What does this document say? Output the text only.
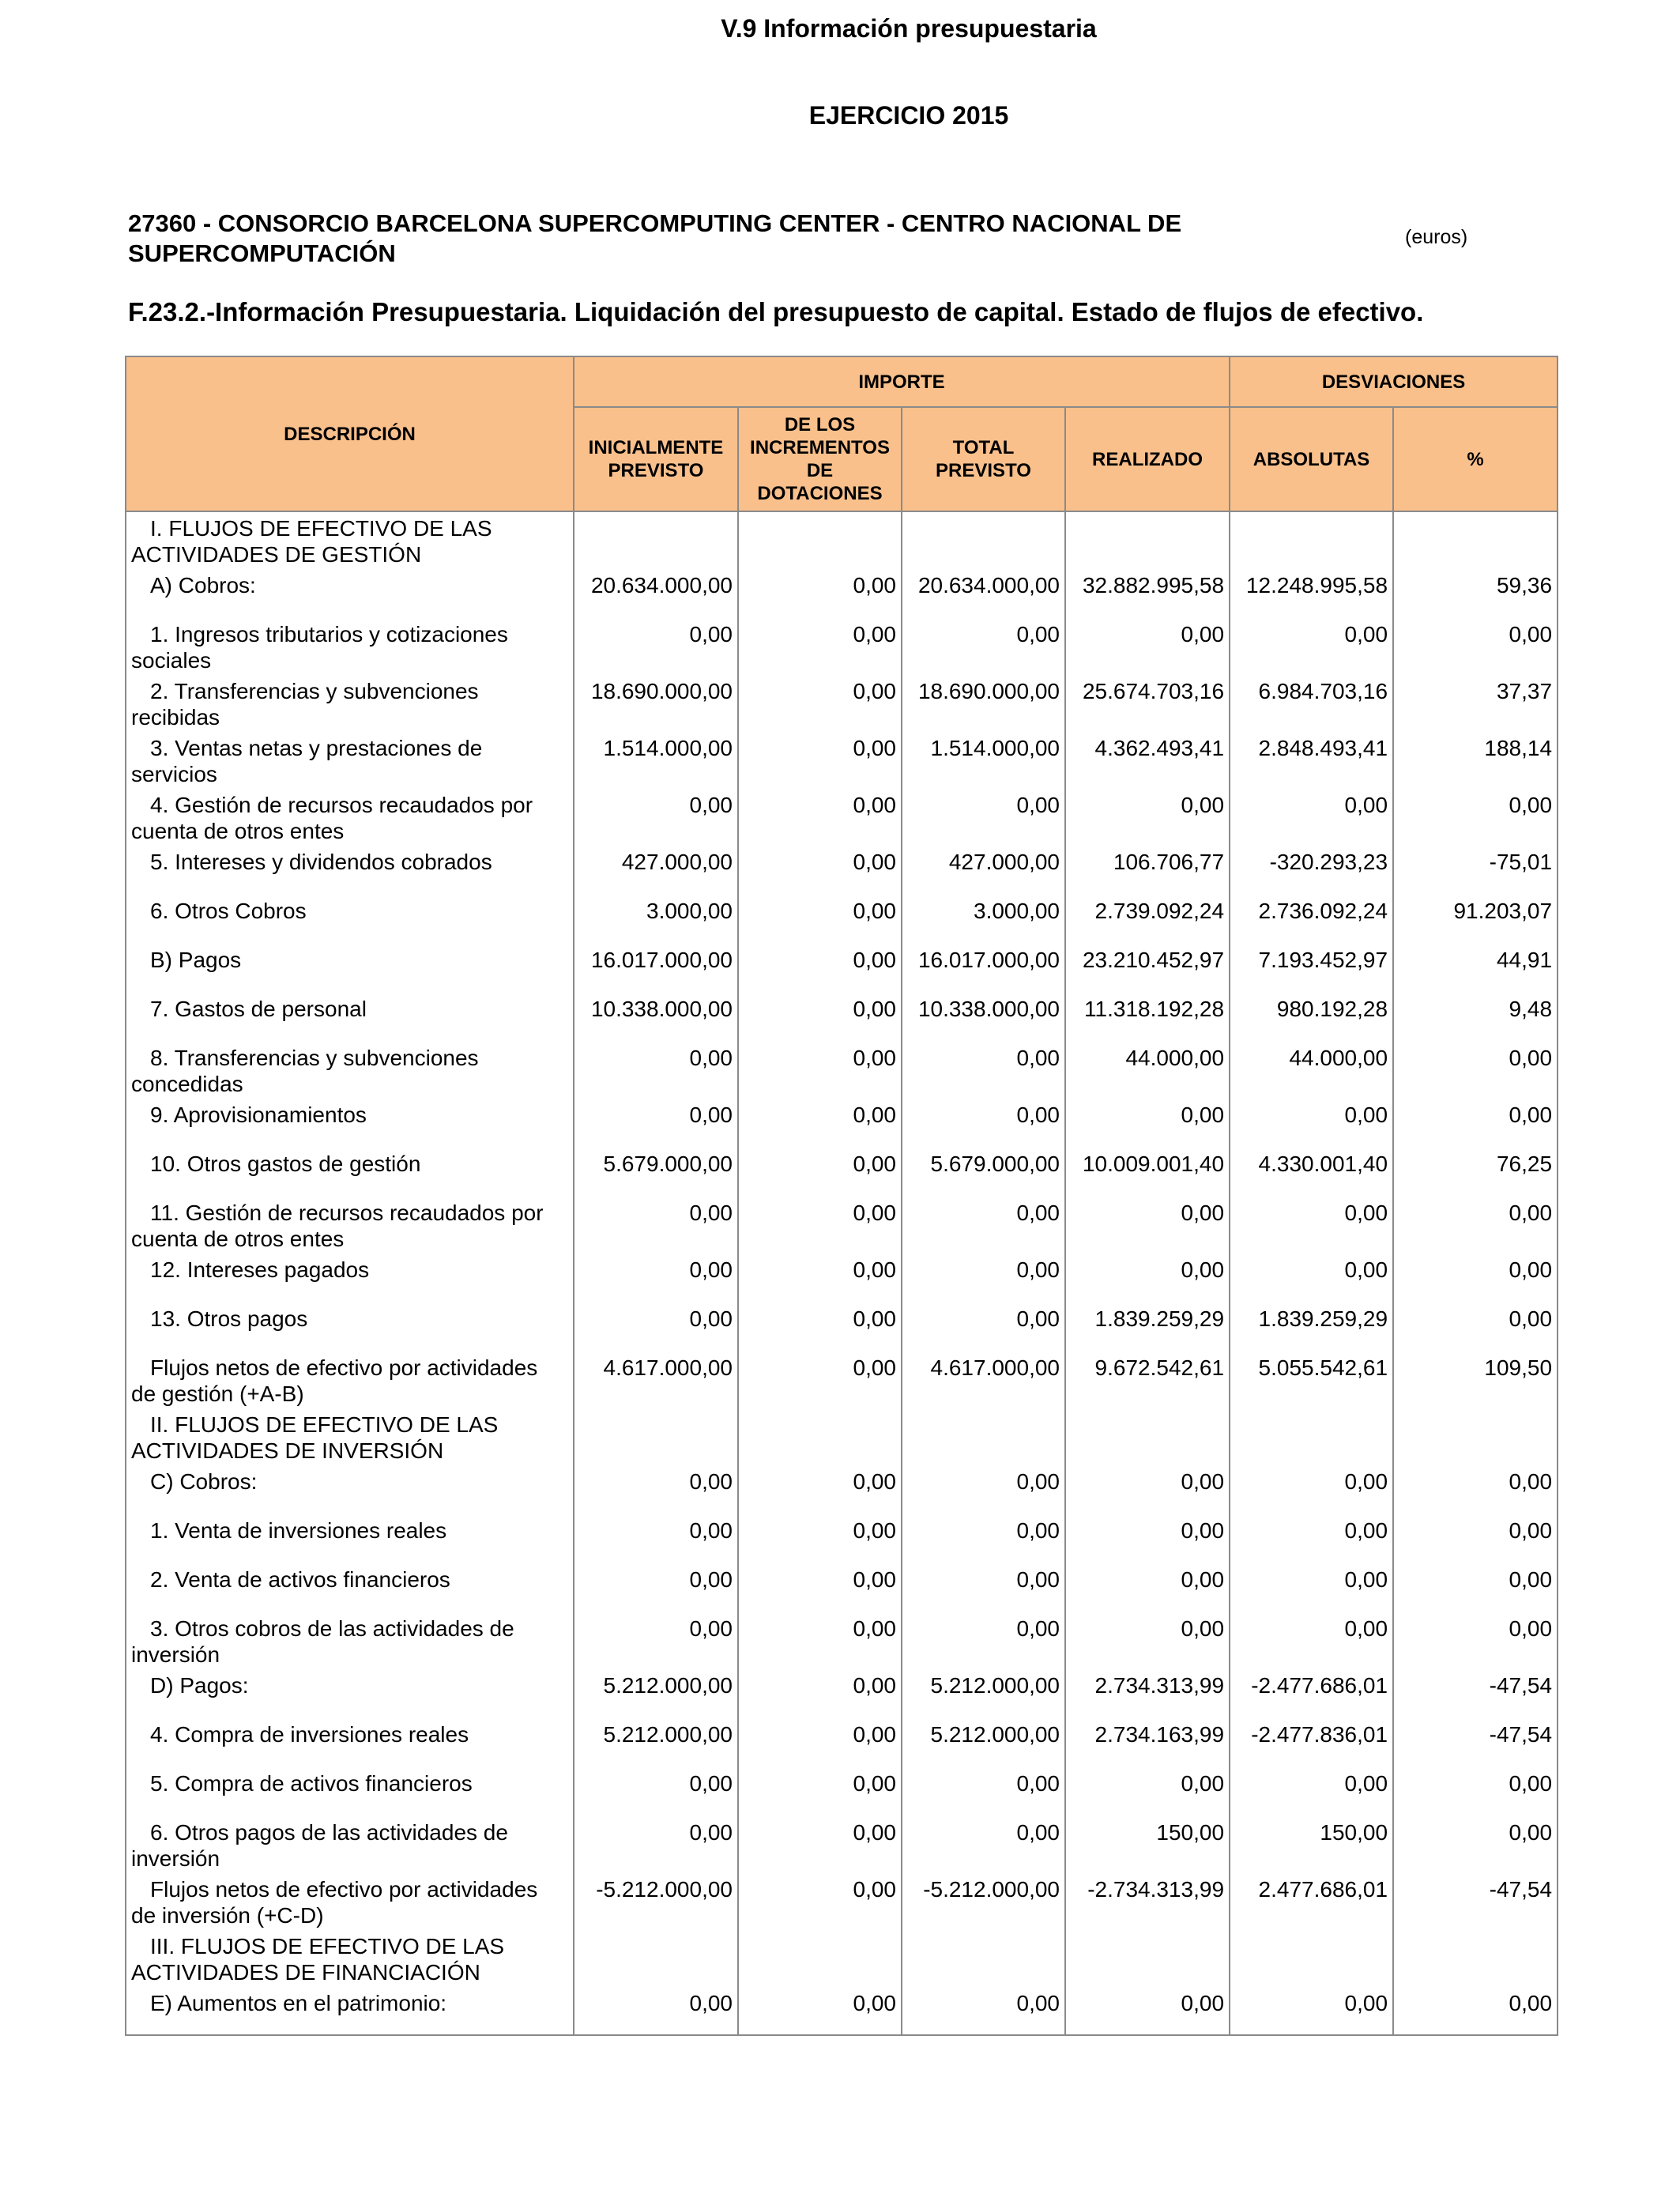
V.9 Información presupuestaria
EJERCICIO 2015
27360 - CONSORCIO BARCELONA SUPERCOMPUTING CENTER - CENTRO NACIONAL DE SUPERCOMPUTACIÓN
(euros)
F.23.2.-Información Presupuestaria. Liquidación del presupuesto de capital. Estado de flujos de efectivo.
DESCRIPCIÓN	IMPORTE				DESVIACIONES	
	INICIALMENTE PREVISTO	DE LOS INCREMENTOS DE DOTACIONES	TOTAL PREVISTO	REALIZADO	ABSOLUTAS	%
I. FLUJOS DE EFECTIVO DE LAS ACTIVIDADES DE GESTIÓN						
A) Cobros:	20.634.000,00	0,00	20.634.000,00	32.882.995,58	12.248.995,58	59,36
1. Ingresos tributarios y cotizaciones sociales	0,00	0,00	0,00	0,00	0,00	0,00
2. Transferencias y subvenciones recibidas	18.690.000,00	0,00	18.690.000,00	25.674.703,16	6.984.703,16	37,37
3. Ventas netas y prestaciones de servicios	1.514.000,00	0,00	1.514.000,00	4.362.493,41	2.848.493,41	188,14
4. Gestión de recursos recaudados por cuenta de otros entes	0,00	0,00	0,00	0,00	0,00	0,00
5. Intereses y dividendos cobrados	427.000,00	0,00	427.000,00	106.706,77	-320.293,23	-75,01
6. Otros Cobros	3.000,00	0,00	3.000,00	2.739.092,24	2.736.092,24	91.203,07
B) Pagos	16.017.000,00	0,00	16.017.000,00	23.210.452,97	7.193.452,97	44,91
7. Gastos de personal	10.338.000,00	0,00	10.338.000,00	11.318.192,28	980.192,28	9,48
8. Transferencias y subvenciones concedidas	0,00	0,00	0,00	44.000,00	44.000,00	0,00
9. Aprovisionamientos	0,00	0,00	0,00	0,00	0,00	0,00
10. Otros gastos de gestión	5.679.000,00	0,00	5.679.000,00	10.009.001,40	4.330.001,40	76,25
11. Gestión de recursos recaudados por cuenta de otros entes	0,00	0,00	0,00	0,00	0,00	0,00
12. Intereses pagados	0,00	0,00	0,00	0,00	0,00	0,00
13. Otros pagos	0,00	0,00	0,00	1.839.259,29	1.839.259,29	0,00
Flujos netos de efectivo por actividades de gestión (+A-B)	4.617.000,00	0,00	4.617.000,00	9.672.542,61	5.055.542,61	109,50
II. FLUJOS DE EFECTIVO DE LAS ACTIVIDADES DE INVERSIÓN						
C) Cobros:	0,00	0,00	0,00	0,00	0,00	0,00
1. Venta de inversiones reales	0,00	0,00	0,00	0,00	0,00	0,00
2. Venta de activos financieros	0,00	0,00	0,00	0,00	0,00	0,00
3. Otros cobros de las actividades de inversión	0,00	0,00	0,00	0,00	0,00	0,00
D) Pagos:	5.212.000,00	0,00	5.212.000,00	2.734.313,99	-2.477.686,01	-47,54
4. Compra de inversiones reales	5.212.000,00	0,00	5.212.000,00	2.734.163,99	-2.477.836,01	-47,54
5. Compra de activos financieros	0,00	0,00	0,00	0,00	0,00	0,00
6. Otros pagos de las actividades de inversión	0,00	0,00	0,00	150,00	150,00	0,00
Flujos netos de efectivo por actividades de inversión (+C-D)	-5.212.000,00	0,00	-5.212.000,00	-2.734.313,99	2.477.686,01	-47,54
III. FLUJOS DE EFECTIVO DE LAS ACTIVIDADES DE FINANCIACIÓN						
E) Aumentos en el patrimonio:	0,00	0,00	0,00	0,00	0,00	0,00
